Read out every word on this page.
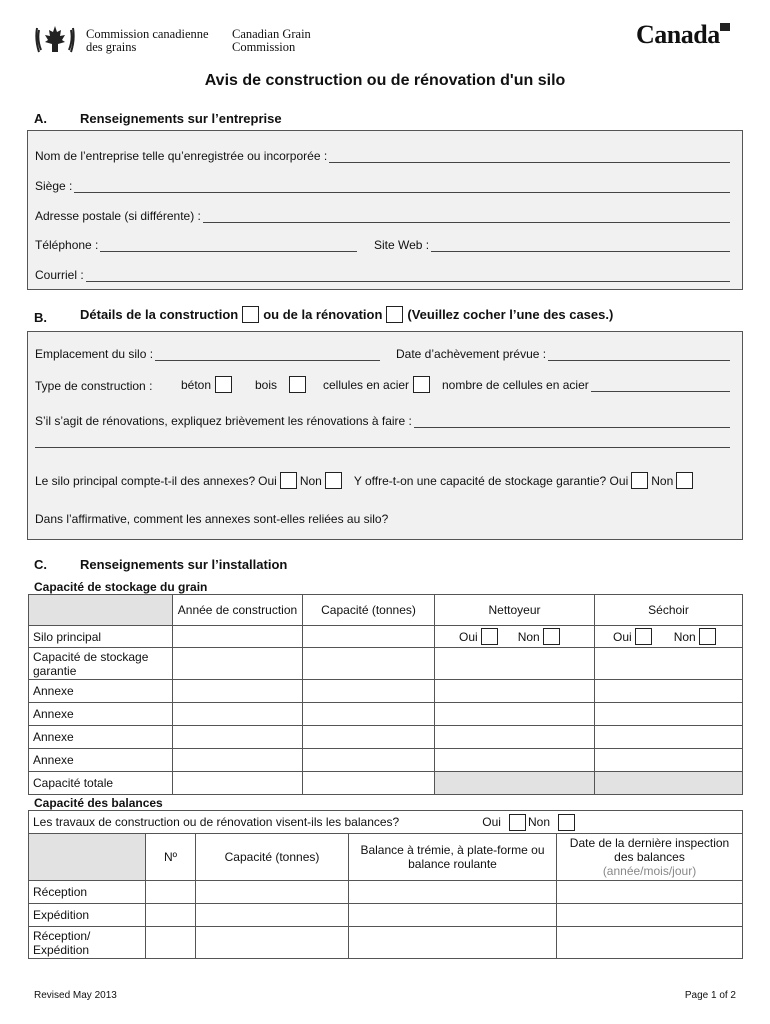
Commission canadienne
des grains
Canadian Grain
Commission	Canada
Avis de construction ou de rénovation d'un silo
A.	Renseignements sur l’entreprise
Nom de l’entreprise telle qu’enregistrée ou incorporée :
Siège :
Adresse postale (si différente) :
Téléphone :	Site Web :
Courriel :
B.	Détails de la construction ou de la rénovation (Veuillez cocher l’une des cases.)
Emplacement du silo :	Date d’achèvement prévue :
Type de construction : béton	bois	cellules en acier	nombre de cellules en acier
S’il s’agit de rénovations, expliquez brièvement les rénovations à faire :
Le silo principal compte-t-il des annexes? Oui Non	Y offre-t-on une capacité de stockage garantie? Oui Non
Dans l’affirmative, comment les annexes sont-elles reliées au silo?
C.	Renseignements sur l’installation
Capacité de stockage du grain
	Année de construction	Capacité (tonnes)	Nettoyeur	Séchoir
Silo principal			Oui Non	Oui Non

Capacité de stockage garantie				
Annexe				
Annexe				
Annexe				
Annexe				
Capacité totale				
Capacité des balances
Les travaux de construction ou de rénovation visent-ils les balances? Oui Non				

	Nº	Capacité (tonnes)	Balance à trémie, à plate-forme ou balance roulante	Date de la dernière inspection des balances
(année/mois/jour)

Réception				
Expédition				
Réception/ Expédition				
Revised May 2013	Page 1 of 2
